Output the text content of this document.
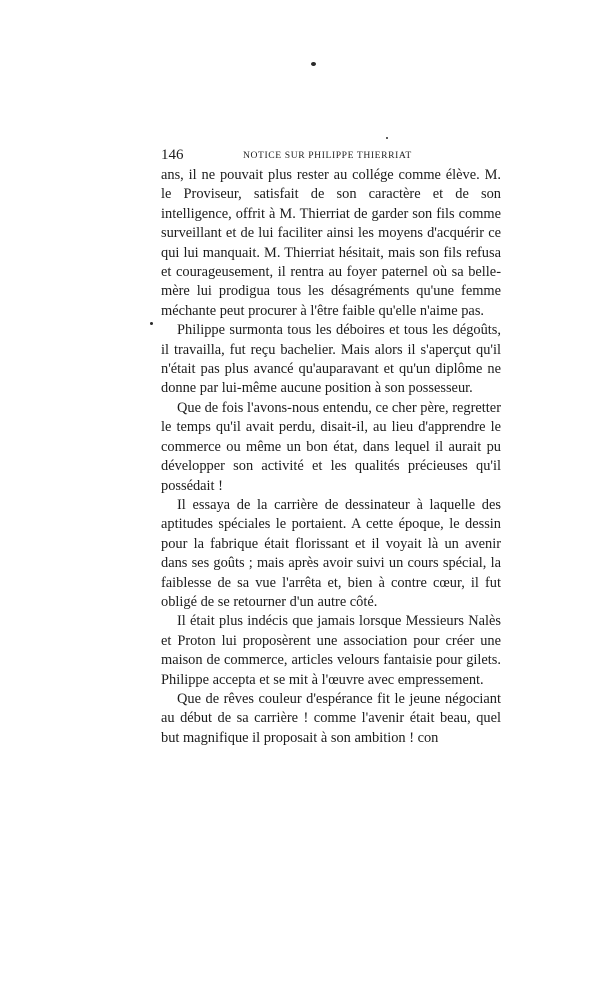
146	NOTICE SUR PHILIPPE THIERRIAT

ans, il ne pouvait plus rester au collége comme élève. M. le Proviseur, satisfait de son caractère et de son intelligence, offrit à M. Thierriat de garder son fils comme surveillant et de lui faciliter ainsi les moyens d'acquérir ce qui lui manquait. M. Thierriat hésitait, mais son fils refusa et courageusement, il rentra au foyer paternel où sa belle-mère lui prodigua tous les désagréments qu'une femme méchante peut procurer à l'être faible qu'elle n'aime pas.

Philippe surmonta tous les déboires et tous les dégoûts, il travailla, fut reçu bachelier. Mais alors il s'aperçut qu'il n'était pas plus avancé qu'auparavant et qu'un diplôme ne donne par lui-même aucune position à son possesseur.

Que de fois l'avons-nous entendu, ce cher père, regretter le temps qu'il avait perdu, disait-il, au lieu d'apprendre le commerce ou même un bon état, dans lequel il aurait pu développer son activité et les qualités précieuses qu'il possédait !

Il essaya de la carrière de dessinateur à laquelle des aptitudes spéciales le portaient. A cette époque, le dessin pour la fabrique était florissant et il voyait là un avenir dans ses goûts ; mais après avoir suivi un cours spécial, la faiblesse de sa vue l'arrêta et, bien à contre cœur, il fut obligé de se retourner d'un autre côté.

Il était plus indécis que jamais lorsque Messieurs Nalès et Proton lui proposèrent une association pour créer une maison de commerce, articles velours fantaisie pour gilets. Philippe accepta et se mit à l'œuvre avec empressement.

Que de rêves couleur d'espérance fit le jeune négociant au début de sa carrière ! comme l'avenir était beau, quel but magnifique il proposait à son ambition ! con
